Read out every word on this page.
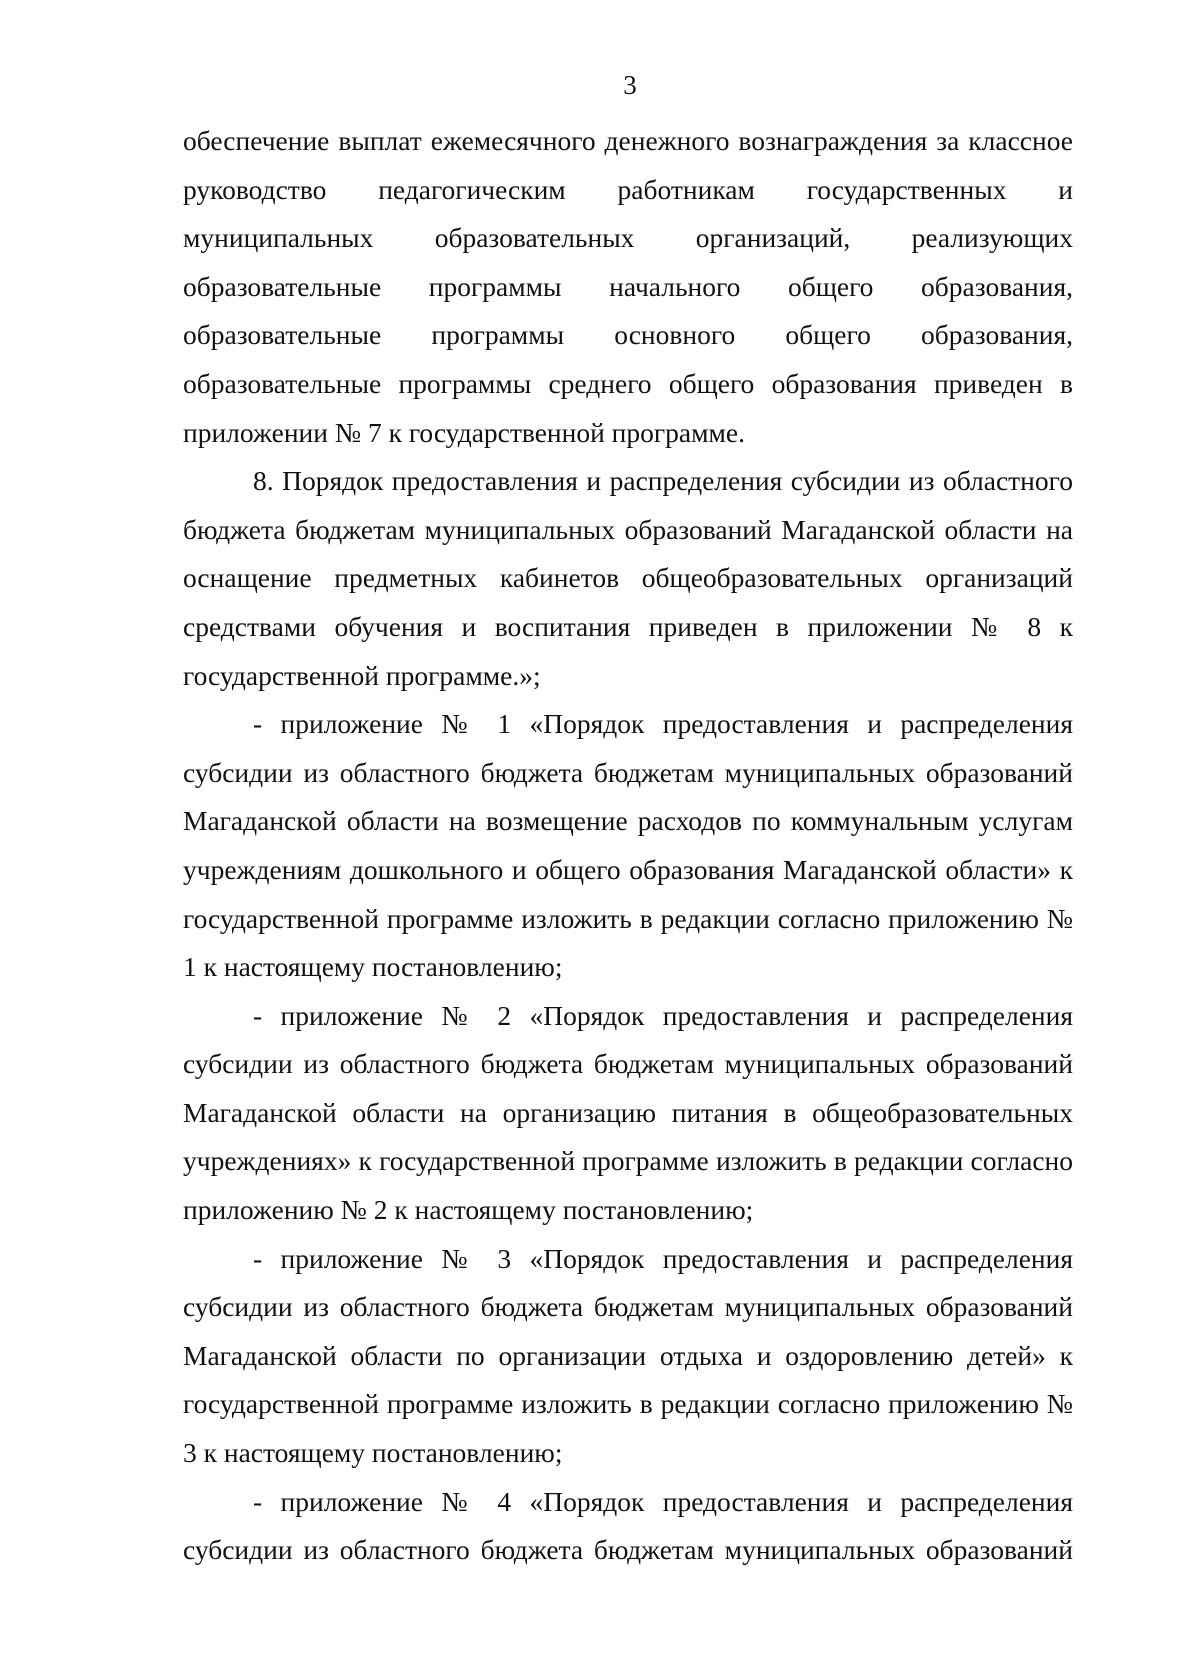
3

обеспечение выплат ежемесячного денежного вознаграждения за классное руководство педагогическим работникам государственных и муниципальных образовательных организаций, реализующих образовательные программы начального общего образования, образовательные программы основного общего образования, образовательные программы среднего общего образования приведен в приложении № 7 к государственной программе.

8. Порядок предоставления и распределения субсидии из областного бюджета бюджетам муниципальных образований Магаданской области на оснащение предметных кабинетов общеобразовательных организаций средствами обучения и воспитания приведен в приложении № 8 к государственной программе.»;

- приложение № 1 «Порядок предоставления и распределения субсидии из областного бюджета бюджетам муниципальных образований Магаданской области на возмещение расходов по коммунальным услугам учреждениям дошкольного и общего образования Магаданской области» к государственной программе изложить в редакции согласно приложению № 1 к настоящему постановлению;

- приложение № 2 «Порядок предоставления и распределения субсидии из областного бюджета бюджетам муниципальных образований Магаданской области на организацию питания в общеобразовательных учреждениях» к государственной программе изложить в редакции согласно приложению № 2 к настоящему постановлению;

- приложение № 3 «Порядок предоставления и распределения субсидии из областного бюджета бюджетам муниципальных образований Магаданской области по организации отдыха и оздоровлению детей» к государственной программе изложить в редакции согласно приложению № 3 к настоящему постановлению;

- приложение № 4 «Порядок предоставления и распределения субсидии из областного бюджета бюджетам муниципальных образований
